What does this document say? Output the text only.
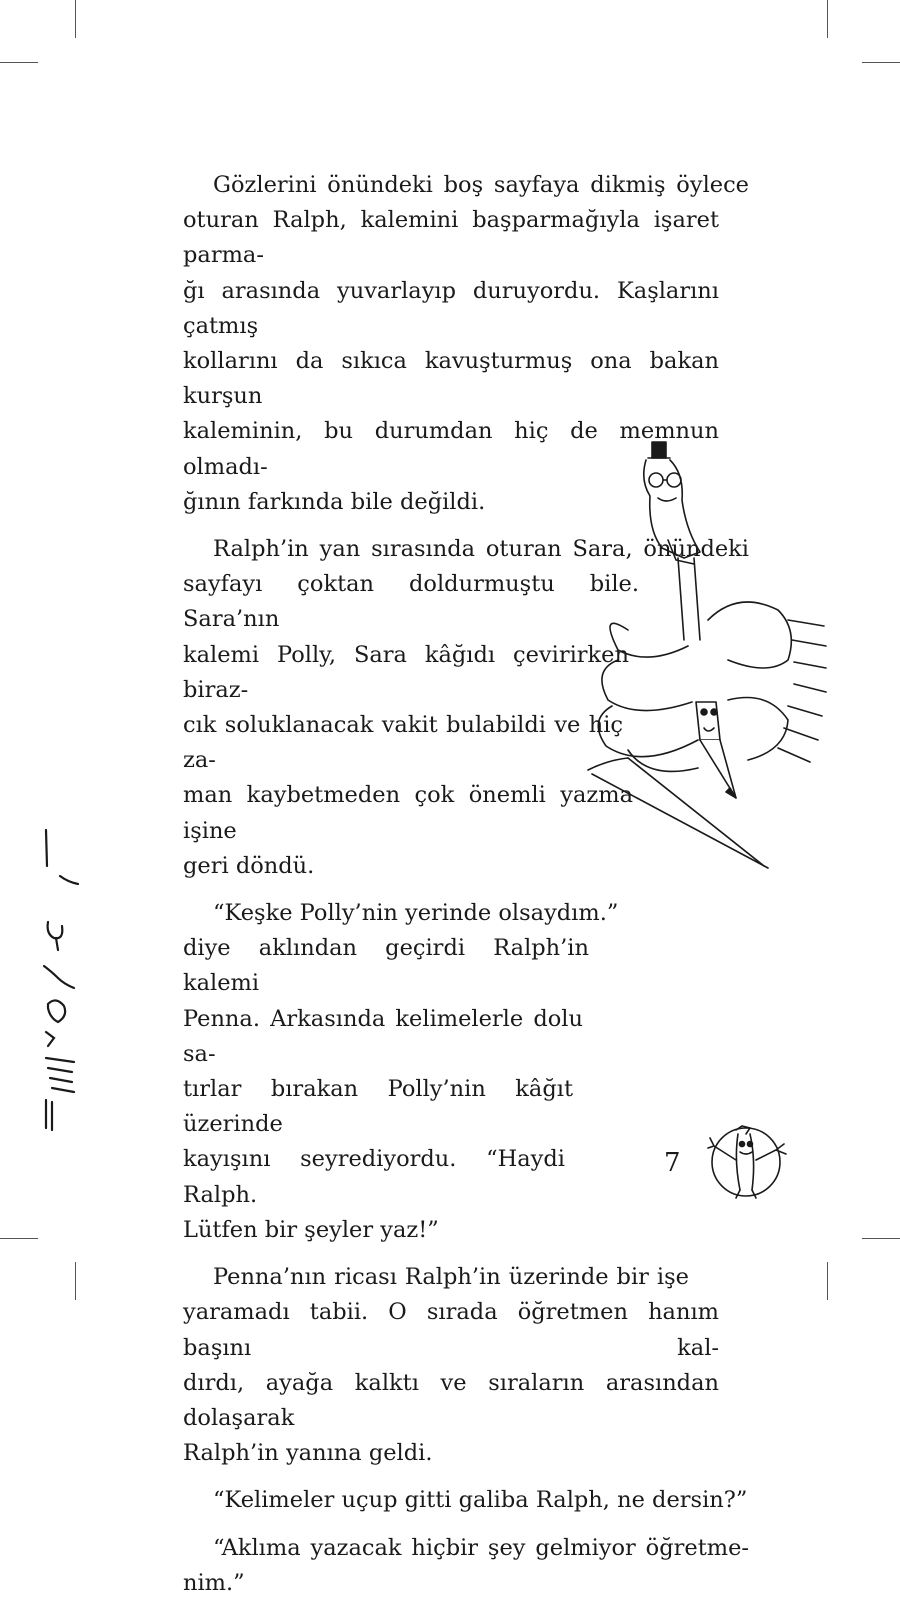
Gözlerini önündeki boş sayfaya dikmiş öylece
oturan Ralph, kalemini başparmağıyla işaret parma-
ğı arasında yuvarlayıp duruyordu. Kaşlarını çatmış
kollarını da sıkıca kavuşturmuş ona bakan kurşun
kaleminin, bu durumdan hiç de memnun olmadı-
ğının farkında bile değildi.

Ralph’in yan sırasında oturan Sara, önündeki
sayfayı çoktan doldurmuştu bile. Sara’nın
kalemi Polly, Sara kâğıdı çevirirken biraz-
cık soluklanacak vakit bulabildi ve hiç za-
man kaybetmeden çok önemli yazma işine
geri döndü.

“Keşke Polly’nin yerinde olsaydım.”
diye aklından geçirdi Ralph’in kalemi
Penna. Arkasında kelimelerle dolu sa-
tırlar bırakan Polly’nin kâğıt üzerinde
kayışını seyrediyordu. “Haydi Ralph.
Lütfen bir şeyler yaz!”

Penna’nın ricası Ralph’in üzerinde bir işe
yaramadı tabii. O sırada öğretmen hanım başını kal-
dırdı, ayağa kalktı ve sıraların arasından dolaşarak
Ralph’in yanına geldi.

“Kelimeler uçup gitti galiba Ralph, ne dersin?”

“Aklıma yazacak hiçbir şey gelmiyor öğretme-
nim.”

7
